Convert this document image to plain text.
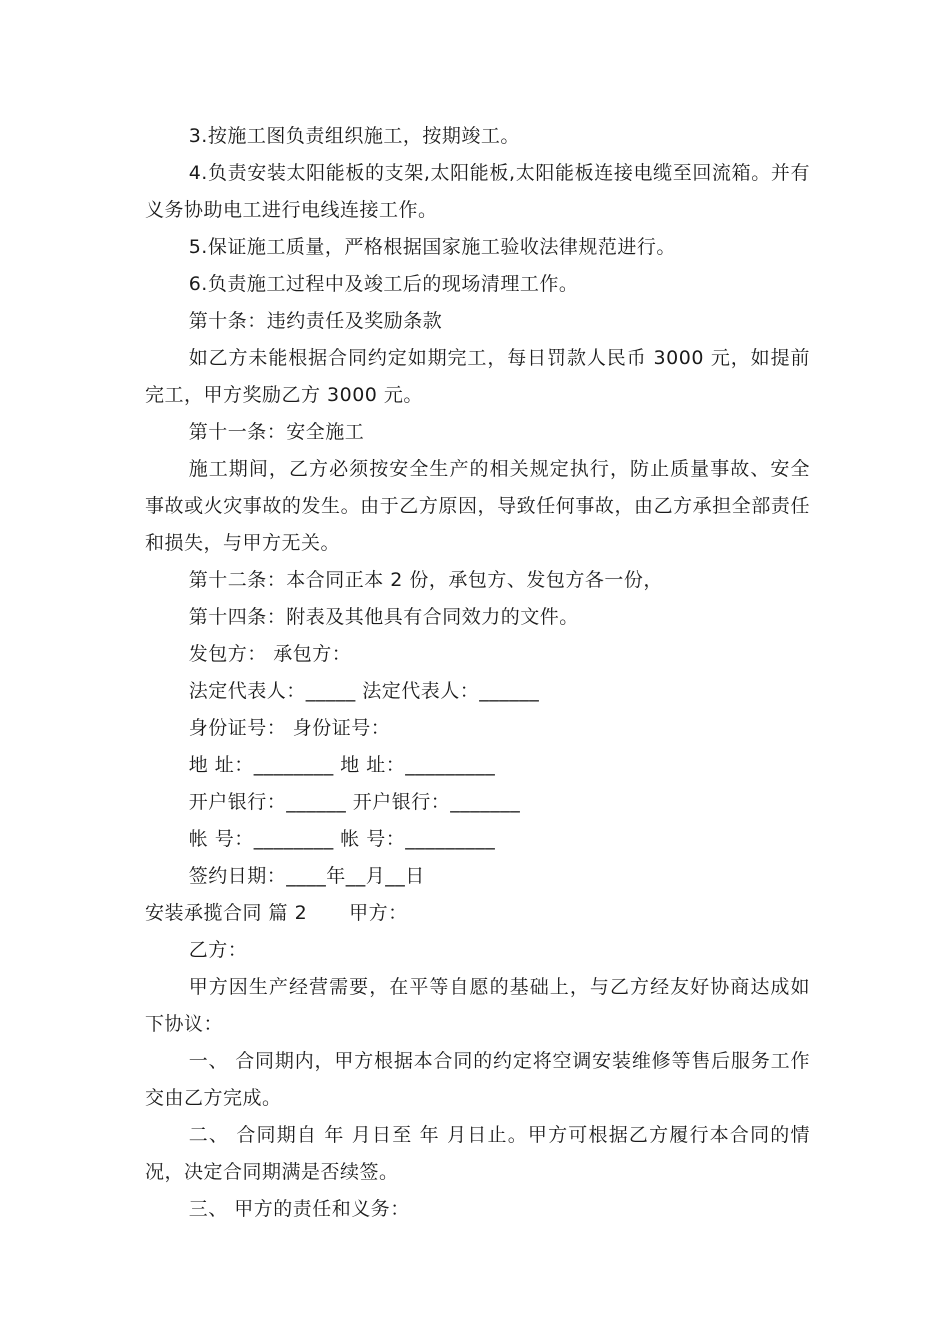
3.按施工图负责组织施工，按期竣工。

4.负责安装太阳能板的支架,太阳能板,太阳能板连接电缆至回流箱。并有义务协助电工进行电线连接工作。

5.保证施工质量，严格根据国家施工验收法律规范进行。

6.负责施工过程中及竣工后的现场清理工作。

第十条：违约责任及奖励条款

如乙方未能根据合同约定如期完工，每日罚款人民币 3000 元，如提前完工，甲方奖励乙方 3000 元。

第十一条：安全施工

施工期间，乙方必须按安全生产的相关规定执行，防止质量事故、安全事故或火灾事故的发生。由于乙方原因，导致任何事故，由乙方承担全部责任和损失，与甲方无关。

第十二条：本合同正本 2 份，承包方、发包方各一份，

第十四条：附表及其他具有合同效力的文件。

发包方： 承包方：

法定代表人：_____ 法定代表人：______

身份证号： 身份证号：

地 址：________ 地 址：_________

开户银行：______ 开户银行：_______

帐 号：________ 帐 号：_________

签约日期：____年__月__日

安装承揽合同 篇 2 甲方：

乙方：

甲方因生产经营需要，在平等自愿的基础上，与乙方经友好协商达成如下协议：

一、 合同期内，甲方根据本合同的约定将空调安装维修等售后服务工作交由乙方完成。

二、 合同期自 年 月日至 年 月日止。甲方可根据乙方履行本合同的情况，决定合同期满是否续签。

三、 甲方的责任和义务：
